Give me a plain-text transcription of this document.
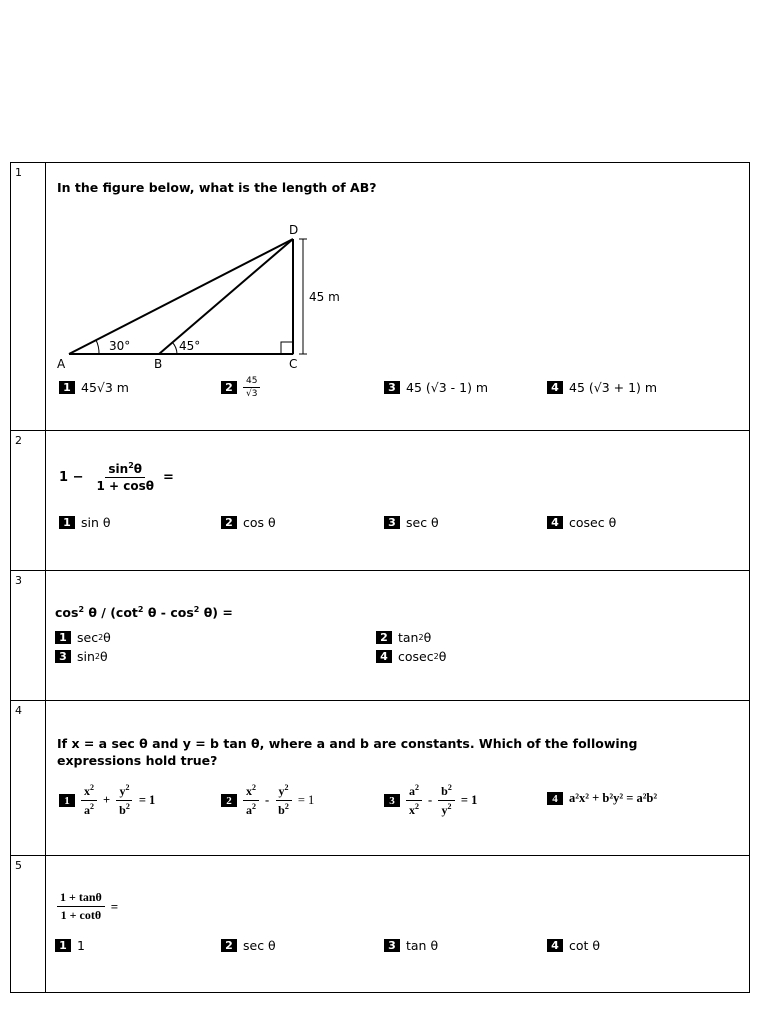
1
In the figure below, what is the length of AB?
A	B	C
D
30°	45°
45 m
1 45√3 m	2	$\frac{45}{√3}$	3 45 (√3 - 1) m	4 45 (√3 + 1) m
2
$1 - \frac{\sin^2\theta}{1 + \cos\theta}$ =
1 sin θ	2 cos θ	3 sec θ	4 cosec θ
3
$\cos^2 \theta / (\cot^2$ θ - $\cos^2 \theta$) =
1 sec 2 θ	2 tan 2 θ
3 sin 2 θ	4 cosec 2 θ
4
If x = a sec θ and y = b tan θ, where a and b are constants. Which of the following
expressions hold true?
$1 \frac{x^2}{a^2} + \frac{y^2}{b^2} = 1$	$2 \frac{x^2}{a^2} - \frac{y^2}{b^2} = 1$	$3 \frac{a^2}{x^2} - \frac{b^2}{y^2} = 1$	4 a²x² + b²y² = a²b²
5
$\frac{1 + \tan\theta}{1 + \cot\theta}$ =
1 1	2 sec θ	3 tan θ	4 cot θ
